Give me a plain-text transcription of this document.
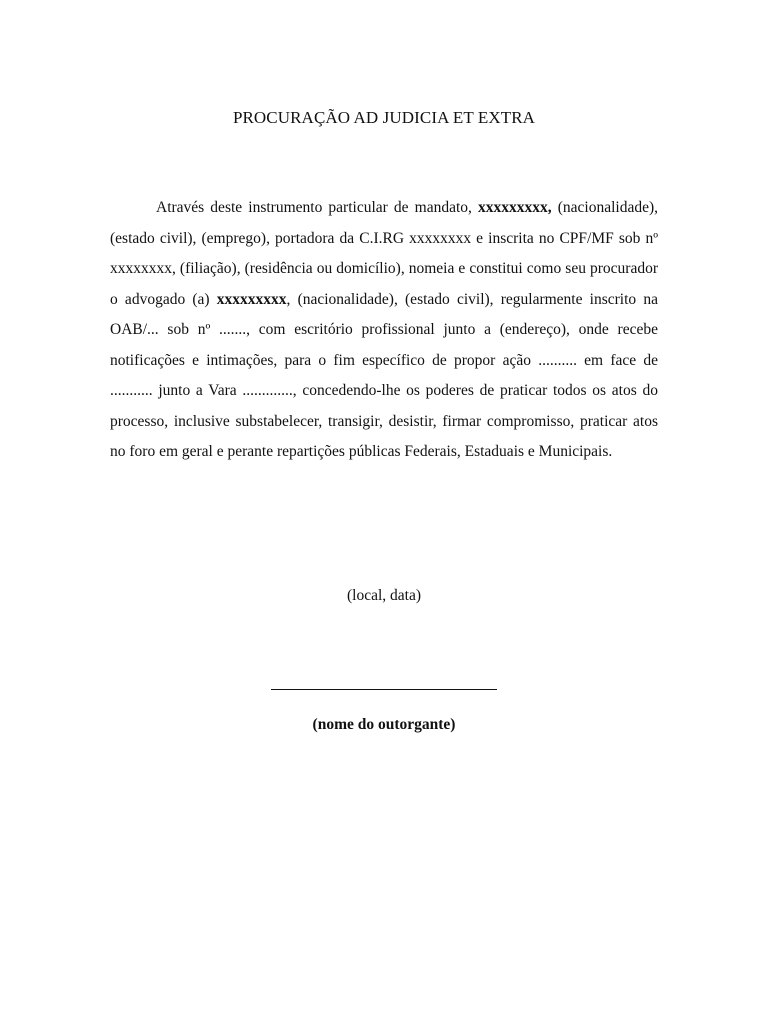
PROCURAÇÃO AD JUDICIA ET EXTRA

Através deste instrumento particular de mandato, xxxxxxxxx, (nacionalidade), (estado civil), (emprego), portadora da C.I.RG xxxxxxxx e inscrita no CPF/MF sob nº xxxxxxxx, (filiação), (residência ou domicílio), nomeia e constitui como seu procurador o advogado (a) xxxxxxxxx, (nacionalidade), (estado civil), regularmente inscrito na OAB/... sob nº ......., com escritório profissional junto a (endereço), onde recebe notificações e intimações, para o fim específico de propor ação .......... em face de ........... junto a Vara ............., concedendo-lhe os poderes de praticar todos os atos do processo, inclusive substabelecer, transigir, desistir, firmar compromisso, praticar atos no foro em geral e perante repartições públicas Federais, Estaduais e Municipais.

(local, data)
(nome do outorgante)
